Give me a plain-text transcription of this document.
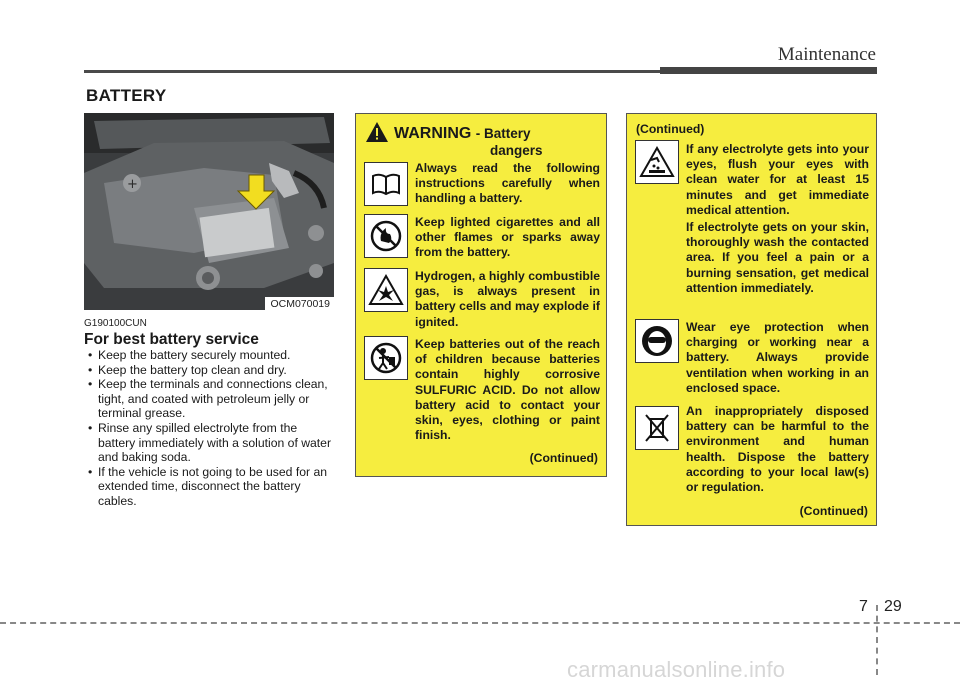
Maintenance
BATTERY
+
OCM070019
G190100CUN
For best battery service
• Keep the battery securely mounted.
• Keep the battery top clean and dry.
• Keep the terminals and connections clean, tight, and coated with petroleum jelly or terminal grease.
• Rinse any spilled electrolyte from the battery immediately with a solution of water and baking soda.
• If the vehicle is not going to be used for an extended time, disconnect the battery cables.
WARNING - Battery
dangers
Always read the following instructions carefully when handling a battery.
Keep lighted cigarettes and all other flames or sparks away from the battery.
Hydrogen, a highly combustible gas, is always present in battery cells and may explode if ignited.
Keep batteries out of the reach of children because batteries contain highly corrosive SULFURIC ACID. Do not allow battery acid to contact your skin, eyes, clothing or paint finish.
(Continued)
(Continued)
If any electrolyte gets into your eyes, flush your eyes with clean water for at least 15 minutes and get immediate medical attention.
If electrolyte gets on your skin, thoroughly wash the contacted area. If you feel a pain or a burning sensation, get medical attention immediately.
Wear eye protection when charging or working near a battery. Always provide ventilation when working in an enclosed space.
An inappropriately disposed battery can be harmful to the environment and human health. Dispose the battery according to your local law(s) or regulation.
(Continued)
7 29
carmanualsonline.info
